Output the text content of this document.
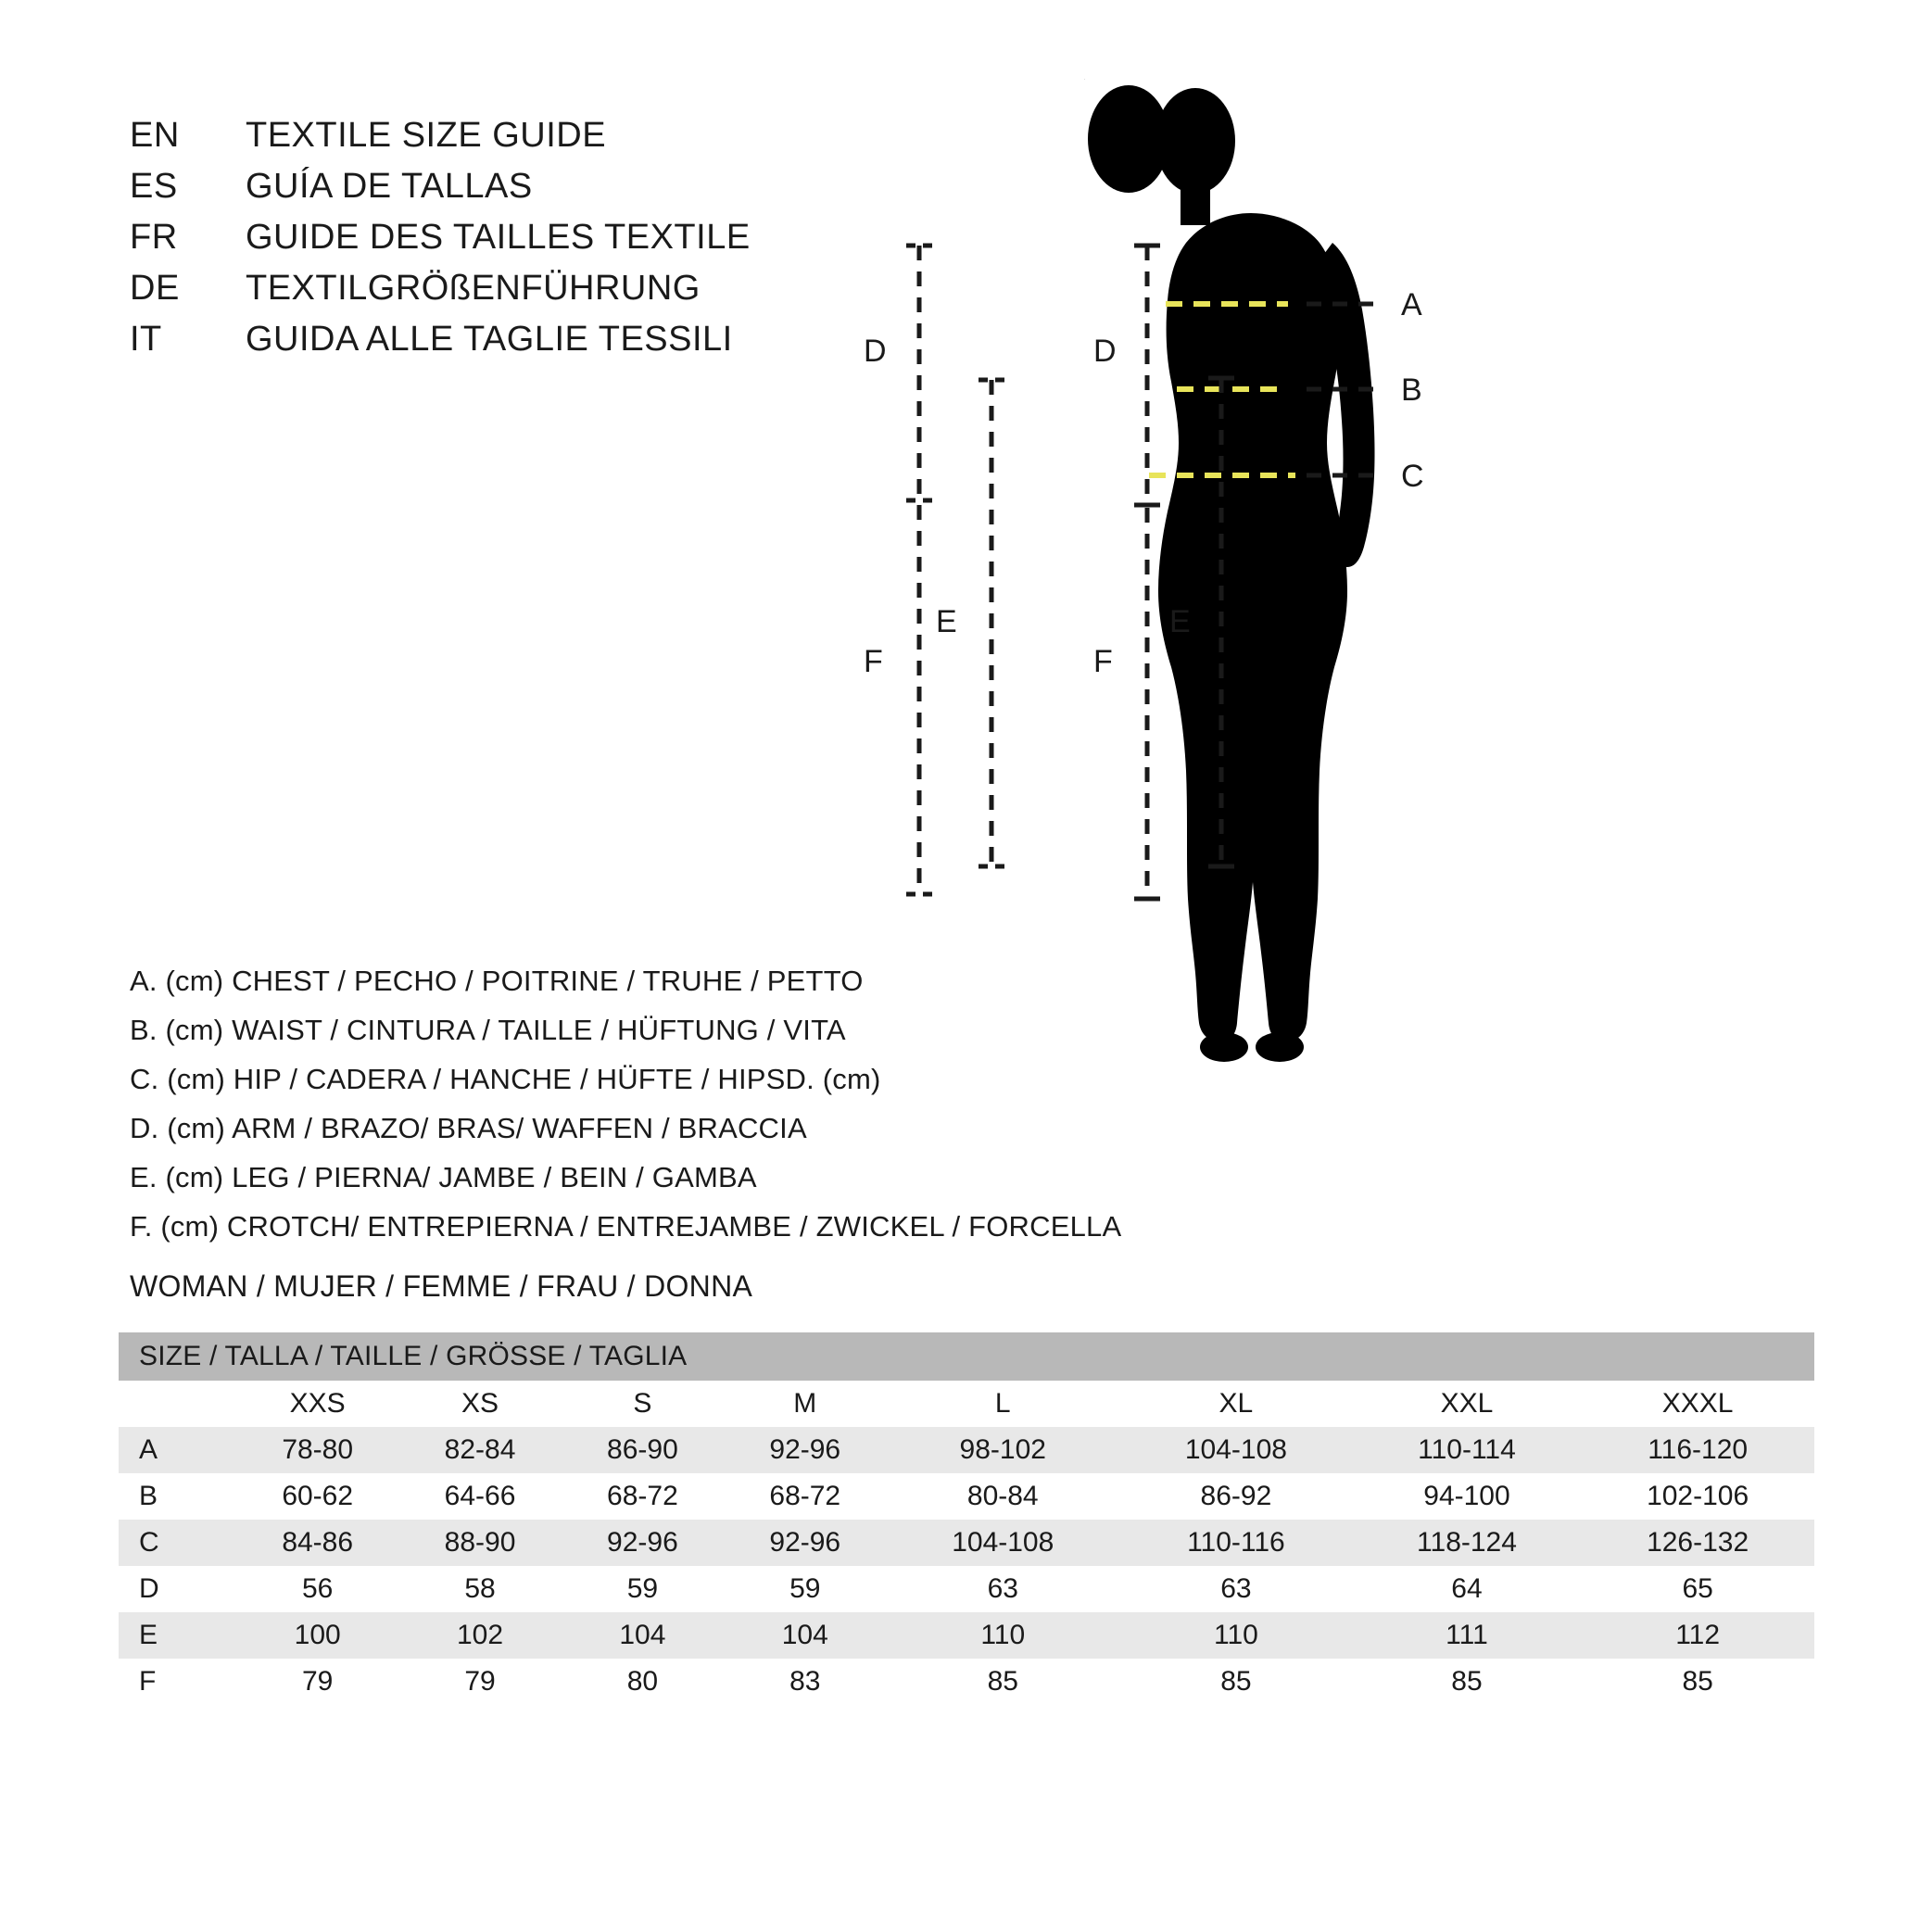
EN	TEXTILE SIZE GUIDE
ES	GUÍA DE TALLAS
FR	GUIDE DES TAILLES TEXTILE
DE	TEXTILGRÖßENFÜHRUNG
IT	GUIDA ALLE TAGLIE TESSILI
A. (cm) CHEST / PECHO / POITRINE / TRUHE / PETTO
B. (cm) WAIST / CINTURA / TAILLE / HÜFTUNG / VITA
C. (cm) HIP / CADERA / HANCHE / HÜFTE / HIPSD. (cm)
D. (cm) ARM / BRAZO/ BRAS/ WAFFEN / BRACCIA
E. (cm) LEG / PIERNA/ JAMBE / BEIN / GAMBA
F. (cm) CROTCH/ ENTREPIERNA / ENTREJAMBE / ZWICKEL / FORCELLA
WOMAN / MUJER / FEMME / FRAU / DONNA
SIZE / TALLA / TAILLE / GRÖSSE / TAGLIA								
	XXS	XS	S	M	L	XL	XXL	XXXL
A	78-80	82-84	86-90	92-96	98-102	104-108	110-114	116-120
B	60-62	64-66	68-72	68-72	80-84	86-92	94-100	102-106
C	84-86	88-90	92-96	92-96	104-108	110-116	118-124	126-132
D	56	58	59	59	63	63	64	65
E	100	102	104	104	110	110	111	112
F	79	79	80	83	85	85	85	85
A
B
C
D
E
F
D
F
E
